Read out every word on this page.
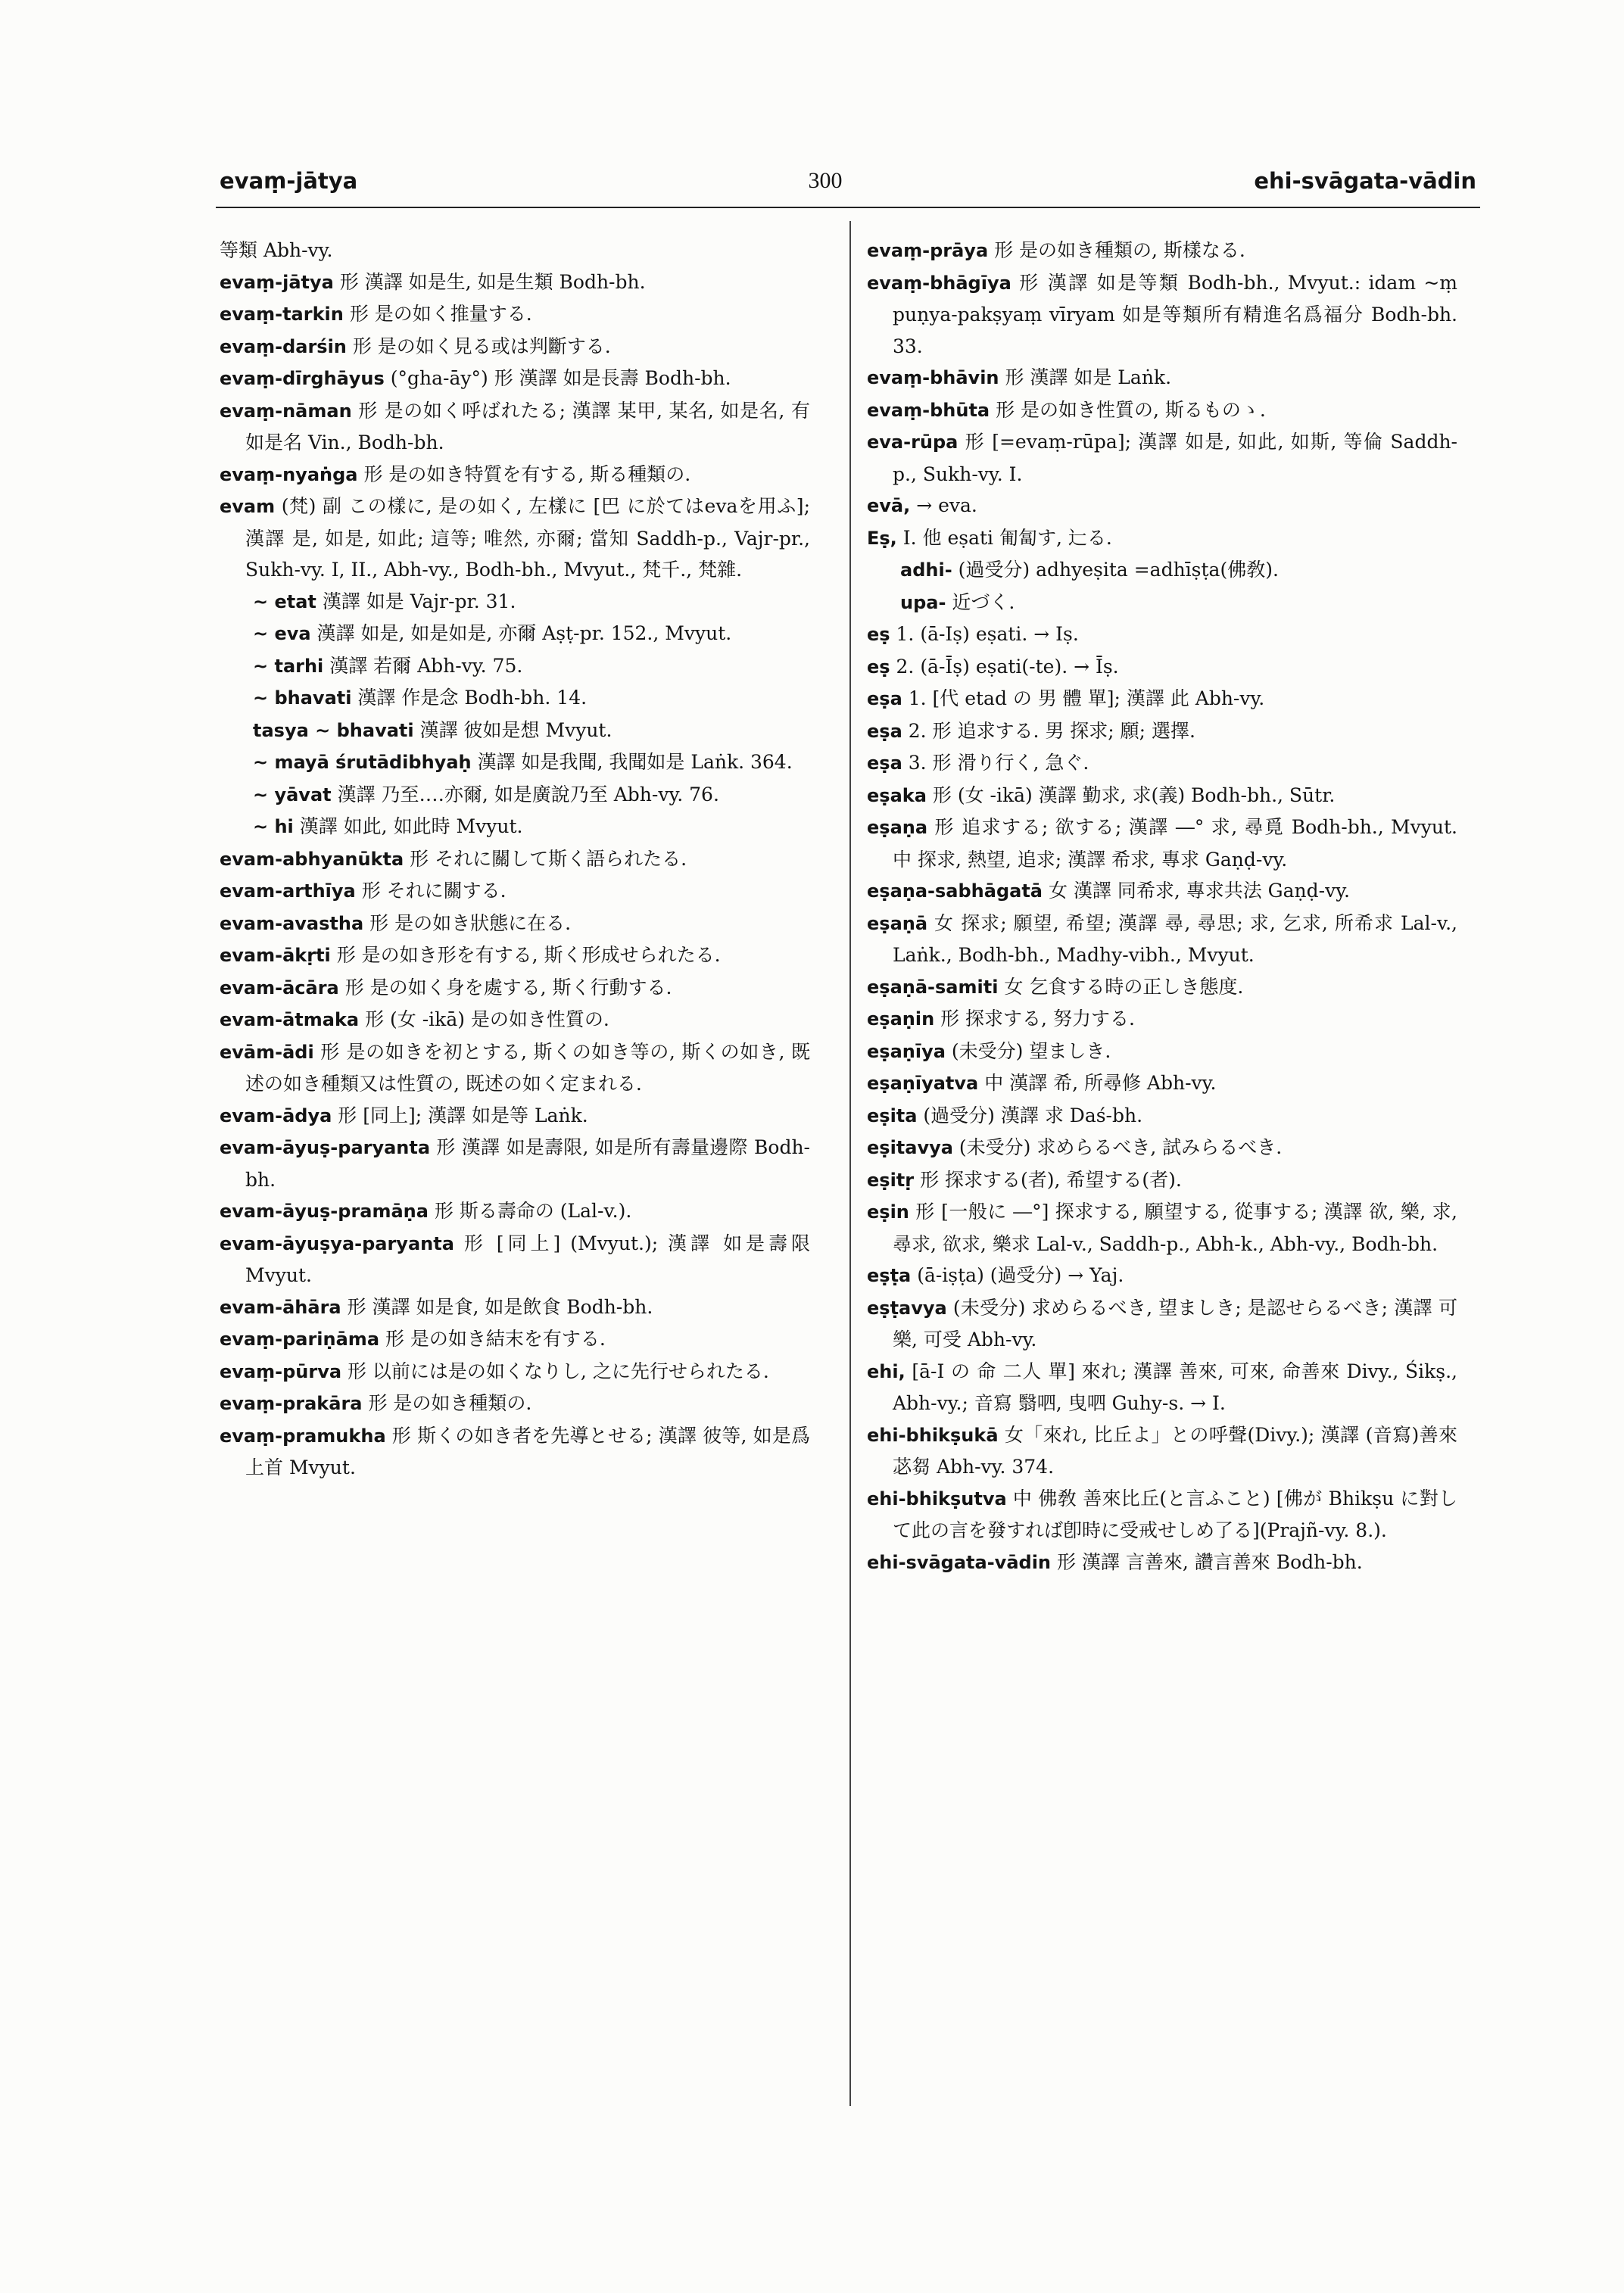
evaṃ-jātya	300	ehi-svāgata-vādin

等類 Abh-vy.

evaṃ-jātya 形 漢譯 如是生, 如是生類 Bodh-bh.

evaṃ-tarkin 形 是の如く推量する.

evaṃ-darśin 形 是の如く見る或は判斷する.

evaṃ-dīrghāyus (°gha-āy°) 形 漢譯 如是長壽 Bodh-bh.

evaṃ-nāman 形 是の如く呼ばれたる; 漢譯 某甲, 某名, 如是名, 有如是名 Vin., Bodh-bh.

evaṃ-nyaṅga 形 是の如き特質を有する, 斯る種類の.

evam (梵) 副 この樣に, 是の如く, 左樣に [巴 に於てはevaを用ふ]; 漢譯 是, 如是, 如此; 這等; 唯然, 亦爾; 當知 Saddh-p., Vajr-pr., Sukh-vy. I, II., Abh-vy., Bodh-bh., Mvyut., 梵千., 梵雜.

~ etat 漢譯 如是 Vajr-pr. 31.

~ eva 漢譯 如是, 如是如是, 亦爾 Aṣṭ-pr. 152., Mvyut.

~ tarhi 漢譯 若爾 Abh-vy. 75.

~ bhavati 漢譯 作是念 Bodh-bh. 14.

tasya ~ bhavati 漢譯 彼如是想 Mvyut.

~ mayā śrutādibhyaḥ 漢譯 如是我聞, 我聞如是 Laṅk. 364.

~ yāvat 漢譯 乃至‥‥亦爾, 如是廣說乃至 Abh-vy. 76.

~ hi 漢譯 如此, 如此時 Mvyut.

evam-abhyanūkta 形 それに關して斯く語られたる.

evam-arthīya 形 それに關する.

evam-avastha 形 是の如き狀態に在る.

evam-ākṛti 形 是の如き形を有する, 斯く形成せられたる.

evam-ācāra 形 是の如く身を處する, 斯く行動する.

evam-ātmaka 形 (女 -ikā) 是の如き性質の.

evām-ādi 形 是の如きを初とする, 斯くの如き等の, 斯くの如き, 既述の如き種類又は性質の, 既述の如く定まれる.

evam-ādya 形 [同上]; 漢譯 如是等 Laṅk.

evam-āyuṣ-paryanta 形 漢譯 如是壽限, 如是所有壽量邊際 Bodh-bh.

evam-āyuṣ-pramāṇa 形 斯る壽命の (Lal-v.).

evam-āyuṣya-paryanta 形 [同上] (Mvyut.); 漢譯 如是壽限 Mvyut.

evam-āhāra 形 漢譯 如是食, 如是飲食 Bodh-bh.

evaṃ-pariṇāma 形 是の如き結末を有する.

evaṃ-pūrva 形 以前には是の如くなりし, 之に先行せられたる.

evaṃ-prakāra 形 是の如き種類の.

evaṃ-pramukha 形 斯くの如き者を先導とせる; 漢譯 彼等, 如是爲上首 Mvyut.

evaṃ-prāya 形 是の如き種類の, 斯樣なる.

evaṃ-bhāgīya 形 漢譯 如是等類 Bodh-bh., Mvyut.: idam ~ṃ puṇya-pakṣyaṃ vīryam 如是等類所有精進名爲福分 Bodh-bh. 33.

evaṃ-bhāvin 形 漢譯 如是 Laṅk.

evaṃ-bhūta 形 是の如き性質の, 斯るものゝ.

eva-rūpa 形 [=evaṃ-rūpa]; 漢譯 如是, 如此, 如斯, 等倫 Saddh-p., Sukh-vy. I.

evā, → eva.

Eṣ, I. 他 eṣati 匍匐す, 辷る.

adhi- (過受分) adhyeṣita =adhīṣṭa(佛敎).

upa- 近づく.

eṣ 1. (ā-Iṣ) eṣati. → Iṣ.

eṣ 2. (ā-Īṣ) eṣati(-te). → Īṣ.

eṣa 1. [代 etad の 男 體 單]; 漢譯 此 Abh-vy.

eṣa 2. 形 追求する. 男 探求; 願; 選擇.

eṣa 3. 形 滑り行く, 急ぐ.

eṣaka 形 (女 -ikā) 漢譯 勤求, 求(義) Bodh-bh., Sūtr.

eṣaṇa 形 追求する; 欲する; 漢譯 ―° 求, 尋覓 Bodh-bh., Mvyut. 中 探求, 熱望, 追求; 漢譯 希求, 專求 Gaṇḍ-vy.

eṣaṇa-sabhāgatā 女 漢譯 同希求, 專求共法 Gaṇḍ-vy.

eṣaṇā 女 探求; 願望, 希望; 漢譯 尋, 尋思; 求, 乞求, 所希求 Lal-v., Laṅk., Bodh-bh., Madhy-vibh., Mvyut.

eṣaṇā-samiti 女 乞食する時の正しき態度.

eṣaṇin 形 探求する, 努力する.

eṣaṇīya (未受分) 望ましき.

eṣaṇīyatva 中 漢譯 希, 所尋修 Abh-vy.

eṣita (過受分) 漢譯 求 Daś-bh.

eṣitavya (未受分) 求めらるべき, 試みらるべき.

eṣitṛ 形 探求する(者), 希望する(者).

eṣin 形 [一般に ―°] 探求する, 願望する, 從事する; 漢譯 欲, 樂, 求, 尋求, 欲求, 樂求 Lal-v., Saddh-p., Abh-k., Abh-vy., Bodh-bh.

eṣṭa (ā-iṣṭa) (過受分) → Yaj.

eṣṭavya (未受分) 求めらるべき, 望ましき; 是認せらるべき; 漢譯 可樂, 可受 Abh-vy.

ehi, [ā-I の 命 二人 單] 來れ; 漢譯 善來, 可來, 命善來 Divy., Śikṣ., Abh-vy.; 音寫 翳呬, 曳呬 Guhy-s. → I.

ehi-bhikṣukā 女「來れ, 比丘よ」との呼聲(Divy.); 漢譯 (音寫)善來苾芻 Abh-vy. 374.

ehi-bhikṣutva 中 佛敎 善來比丘(と言ふこと) [佛が Bhikṣu に對して此の言を發すれば卽時に受戒せしめ了る](Prajñ-vy. 8.).

ehi-svāgata-vādin 形 漢譯 言善來, 讚言善來 Bodh-bh.
